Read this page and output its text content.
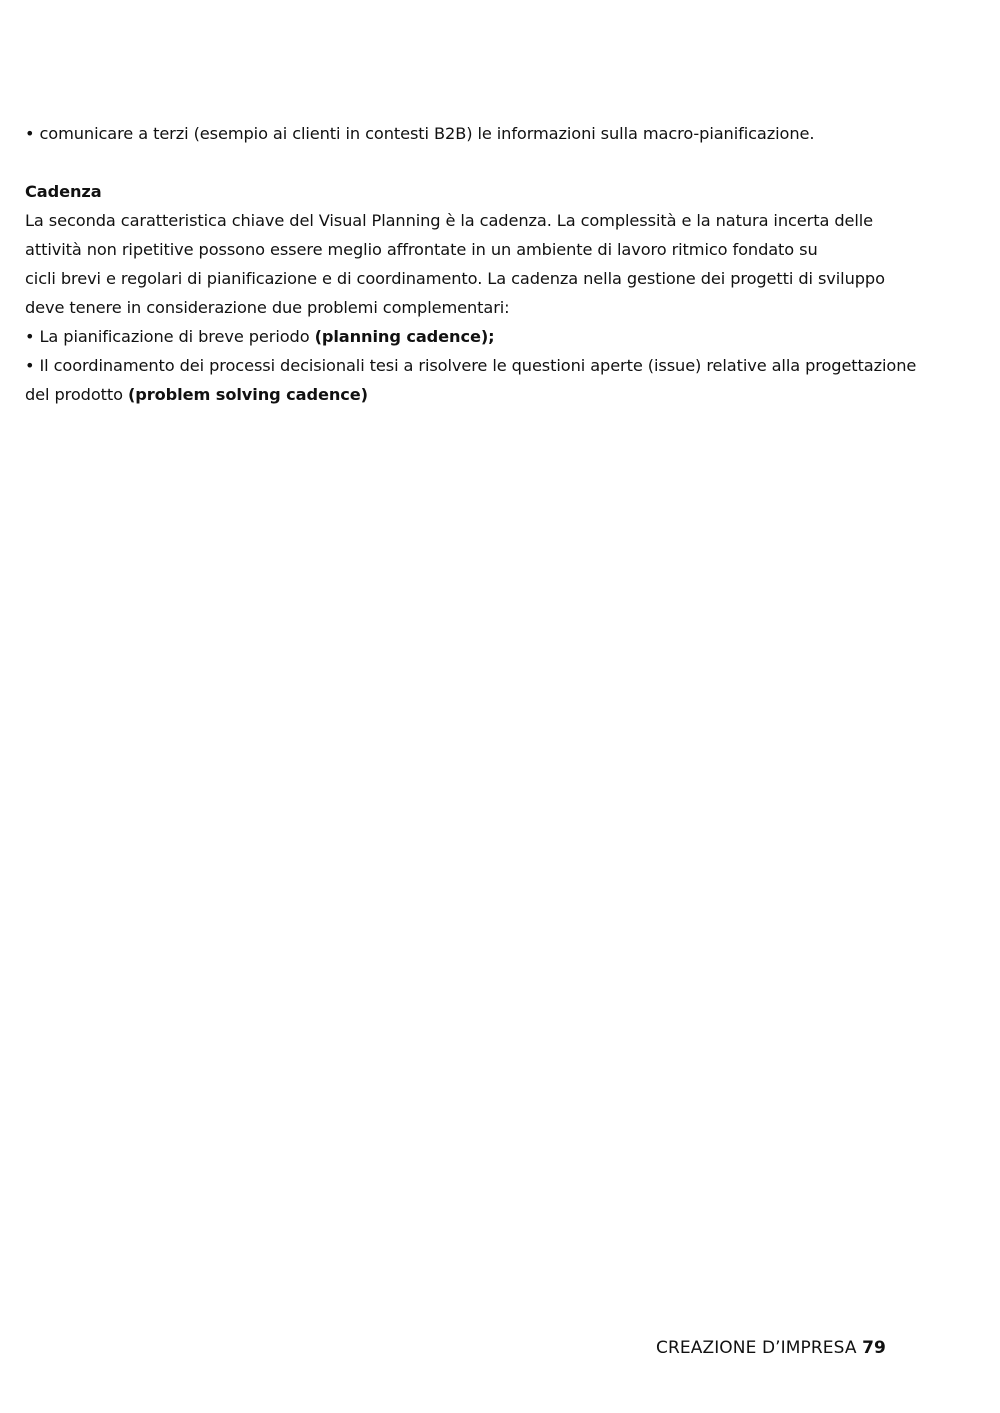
• comunicare a terzi (esempio ai clienti in contesti B2B) le informazioni sulla macro-pianificazione.
Cadenza
La seconda caratteristica chiave del Visual Planning è la cadenza. La complessità e la natura incerta delle
attività non ripetitive possono essere meglio affrontate in un ambiente di lavoro ritmico fondato su
cicli brevi e regolari di pianificazione e di coordinamento. La cadenza nella gestione dei progetti di sviluppo
deve tenere in considerazione due problemi complementari:
• La pianificazione di breve periodo (planning cadence);
• Il coordinamento dei processi decisionali tesi a risolvere le questioni aperte (issue) relative alla progettazione
del prodotto (problem solving cadence)
CREAZIONE D’IMPRESA 79
